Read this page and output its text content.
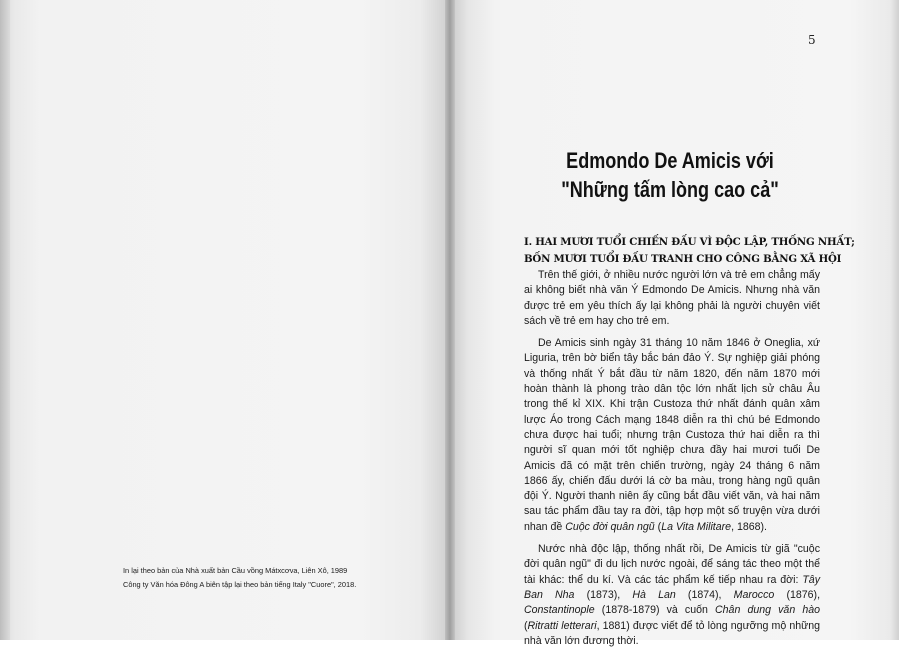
In lại theo bản của Nhà xuất bản Cầu vồng Mátxcơva, Liên Xô, 1989
Công ty Văn hóa Đông A biên tập lại theo bản tiếng Italy "Cuore", 2018.
5
Edmondo De Amicis với
"Những tấm lòng cao cả"
I. HAI MƯƠI TUỔI CHIẾN ĐẤU VÌ ĐỘC LẬP, THỐNG NHẤT;
BỐN MƯƠI TUỔI ĐẤU TRANH CHO CÔNG BẰNG XÃ HỘI

Trên thế giới, ở nhiều nước người lớn và trẻ em chẳng mấy ai không biết nhà văn Ý Edmondo De Amicis. Nhưng nhà văn được trẻ em yêu thích ấy lại không phải là người chuyên viết sách về trẻ em hay cho trẻ em.

De Amicis sinh ngày 31 tháng 10 năm 1846 ở Oneglia, xứ Liguria, trên bờ biển tây bắc bán đảo Ý. Sự nghiệp giải phóng và thống nhất Ý bắt đầu từ năm 1820, đến năm 1870 mới hoàn thành là phong trào dân tộc lớn nhất lịch sử châu Âu trong thế kỉ XIX. Khi trận Custoza thứ nhất đánh quân xâm lược Áo trong Cách mạng 1848 diễn ra thì chú bé Edmondo chưa được hai tuổi; nhưng trận Custoza thứ hai diễn ra thì người sĩ quan mới tốt nghiệp chưa đầy hai mươi tuổi De Amicis đã có mặt trên chiến trường, ngày 24 tháng 6 năm 1866 ấy, chiến đấu dưới lá cờ ba màu, trong hàng ngũ quân đội Ý. Người thanh niên ấy cũng bắt đầu viết văn, và hai năm sau tác phẩm đầu tay ra đời, tập hợp một số truyện vừa dưới nhan đề Cuộc đời quân ngũ (La Vita Militare, 1868).

Nước nhà độc lập, thống nhất rồi, De Amicis từ giã "cuộc đời quân ngũ" đi du lịch nước ngoài, để sáng tác theo một thể tài khác: thể du kí. Và các tác phẩm kế tiếp nhau ra đời: Tây Ban Nha (1873), Hà Lan (1874), Marocco (1876), Constantinople (1878-1879) và cuốn Chân dung văn hào (Ritratti letterari, 1881) được viết để tỏ lòng ngưỡng mộ những nhà văn lớn đương thời.
